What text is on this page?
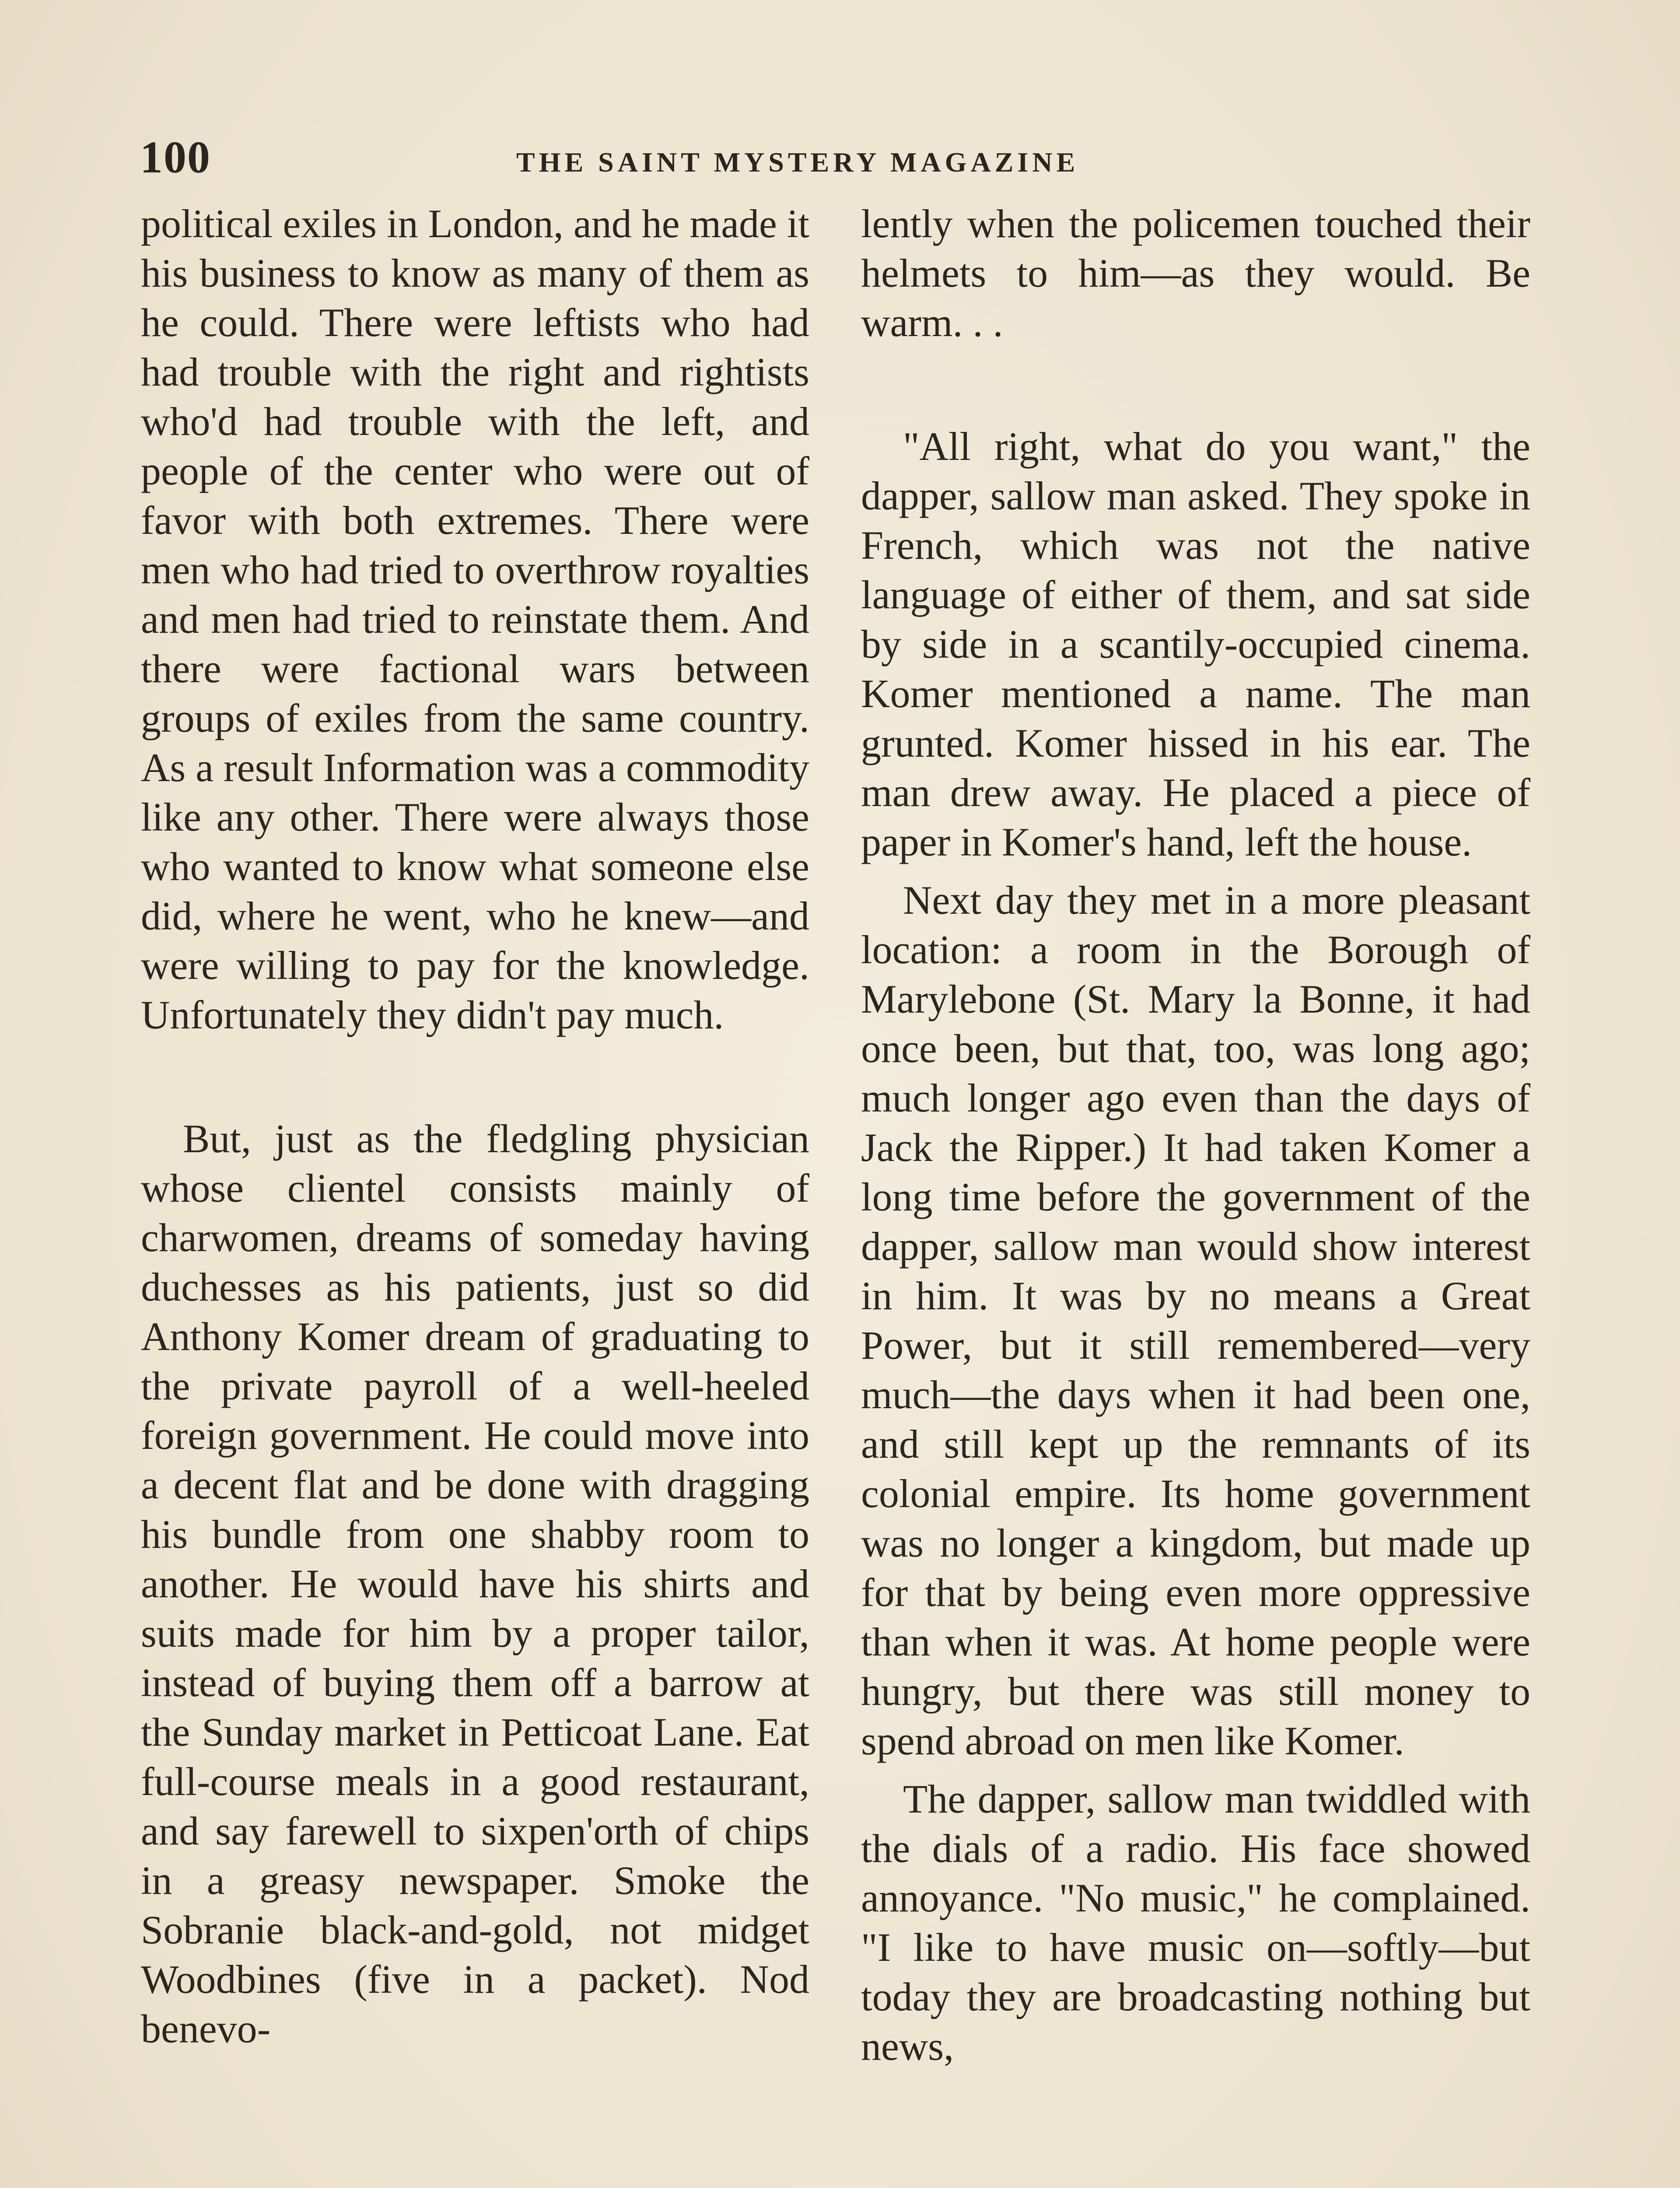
100	THE SAINT MYSTERY MAGAZINE

political exiles in London, and he made it his business to know as many of them as he could. There were leftists who had had trouble with the right and rightists who'd had trouble with the left, and people of the center who were out of favor with both extremes. There were men who had tried to overthrow royalties and men had tried to reinstate them. And there were factional wars between groups of exiles from the same country. As a result Information was a commodity like any other. There were always those who wanted to know what someone else did, where he went, who he knew—and were willing to pay for the knowledge. Unfortunately they didn't pay much.

But, just as the fledgling physician whose clientel consists mainly of charwomen, dreams of someday having duchesses as his patients, just so did Anthony Komer dream of graduating to the private payroll of a well-heeled foreign government. He could move into a decent flat and be done with dragging his bundle from one shabby room to another. He would have his shirts and suits made for him by a proper tailor, instead of buying them off a barrow at the Sunday market in Petticoat Lane. Eat full-course meals in a good restaurant, and say farewell to sixpen'orth of chips in a greasy newspaper. Smoke the Sobranie black-and-gold, not midget Woodbines (five in a packet). Nod benevo-

lently when the policemen touched their helmets to him—as they would. Be warm. . .

"All right, what do you want," the dapper, sallow man asked. They spoke in French, which was not the native language of either of them, and sat side by side in a scantily-occupied cinema. Komer mentioned a name. The man grunted. Komer hissed in his ear. The man drew away. He placed a piece of paper in Komer's hand, left the house.

Next day they met in a more pleasant location: a room in the Borough of Marylebone (St. Mary la Bonne, it had once been, but that, too, was long ago; much longer ago even than the days of Jack the Ripper.) It had taken Komer a long time before the government of the dapper, sallow man would show interest in him. It was by no means a Great Power, but it still remembered—very much—the days when it had been one, and still kept up the remnants of its colonial empire. Its home government was no longer a kingdom, but made up for that by being even more oppressive than when it was. At home people were hungry, but there was still money to spend abroad on men like Komer.

The dapper, sallow man twiddled with the dials of a radio. His face showed annoyance. "No music," he complained. "I like to have music on—softly—but today they are broadcasting nothing but news,
